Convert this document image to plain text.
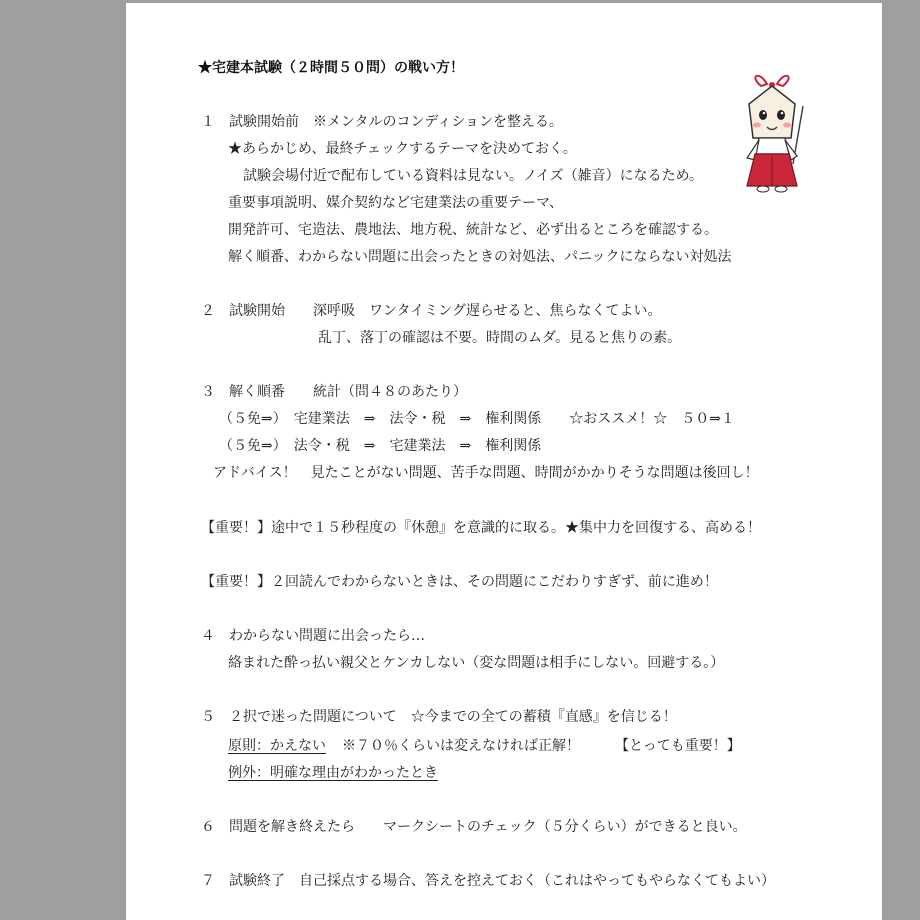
★宅建本試験（２時間５０問）の戦い方！
１　試験開始前　※メンタルのコンディションを整える。
★あらかじめ、最終チェックするテーマを決めておく。
試験会場付近で配布している資料は見ない。ノイズ（雑音）になるため。
重要事項説明、媒介契約など宅建業法の重要テーマ、
開発許可、宅造法、農地法、地方税、統計など、必ず出るところを確認する。
解く順番、わからない問題に出会ったときの対処法、パニックにならない対処法
２　試験開始　　深呼吸　ワンタイミング遅らせると、焦らなくてよい。
乱丁、落丁の確認は不要。時間のムダ。見ると焦りの素。
３　解く順番　　統計（問４８のあたり）
（５免⇒）　宅建業法　⇒　法令・税　⇒　権利関係　　☆おススメ！☆　５０⇒１
（５免⇒）　法令・税　⇒　宅建業法　⇒　権利関係
アドバイス！　見たことがない問題、苦手な問題、時間がかかりそうな問題は後回し！
【重要！】途中で１５秒程度の『休憩』を意識的に取る。★集中力を回復する、高める！
【重要！】２回読んでわからないときは、その問題にこだわりすぎず、前に進め！
４　わからない問題に出会ったら…
絡まれた酔っ払い親父とケンカしない（変な問題は相手にしない。回避する。）
５　２択で迷った問題について　☆今までの全ての蓄積『直感』を信じる！
原則：かえない ※７０％くらいは変えなければ正解！　　　【とっても重要！】
例外：明確な理由がわかったとき
６　問題を解き終えたら　　マークシートのチェック（５分くらい）ができると良い。
７　試験終了　自己採点する場合、答えを控えておく（これはやってもやらなくてもよい）
